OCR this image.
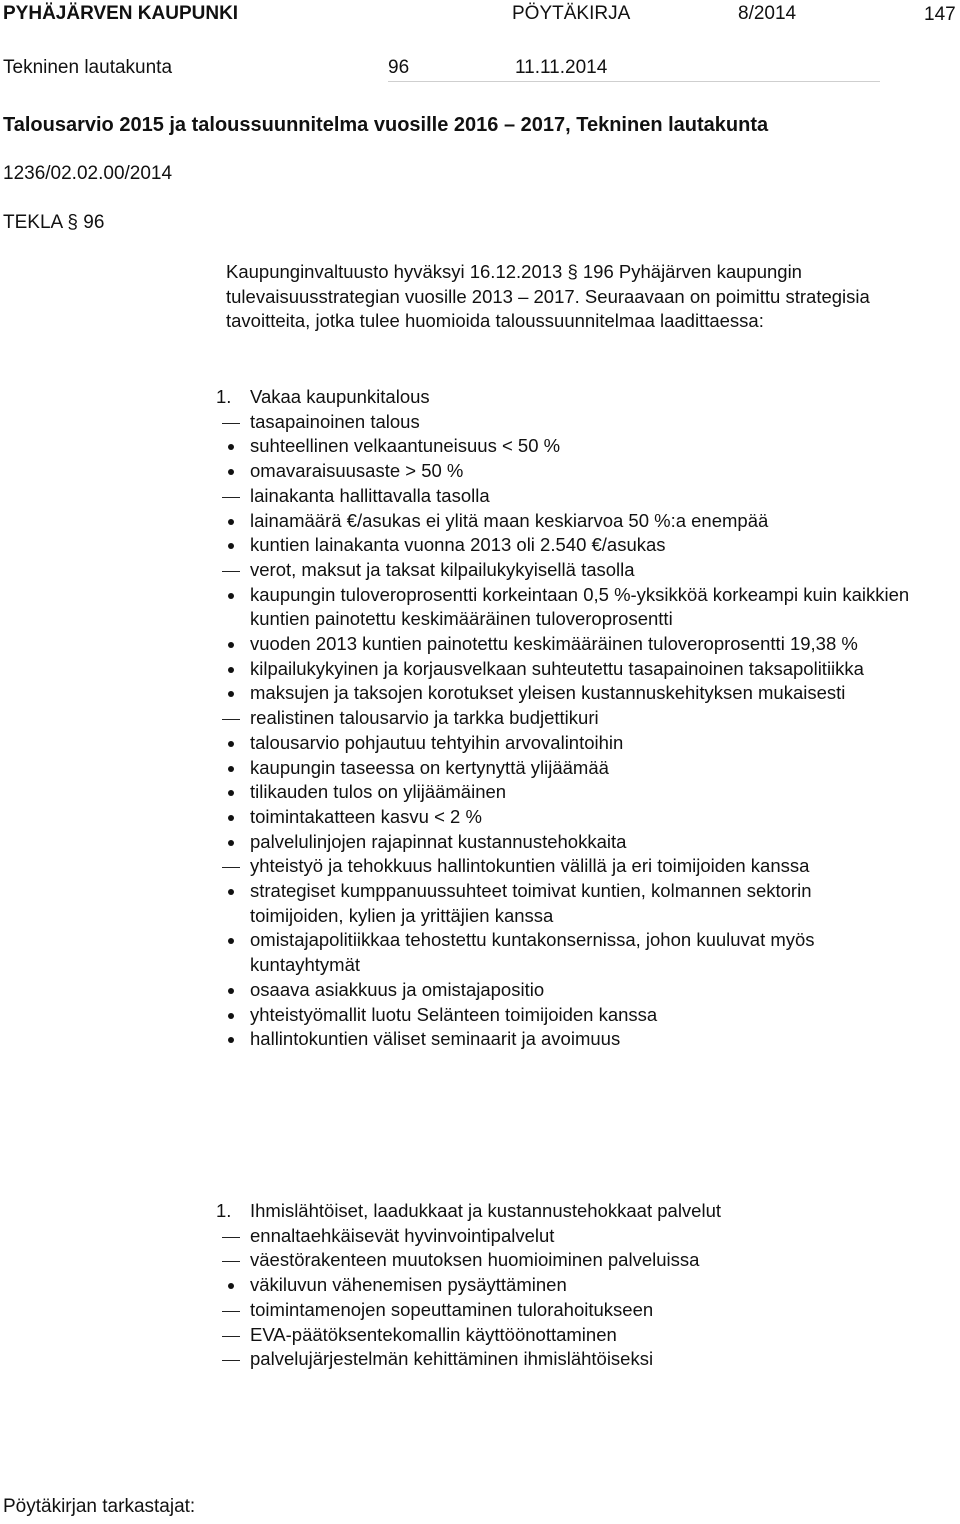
PYHÄJÄRVEN KAUPUNKI	PÖYTÄKIRJA	8/2014	147
Tekninen lautakunta	96	11.11.2014
Talousarvio 2015 ja taloussuunnitelma vuosille 2016 – 2017, Tekninen lautakunta
1236/02.02.00/2014
TEKLA § 96
Kaupunginvaltuusto hyväksyi 16.12.2013 § 196 Pyhäjärven kaupungin tulevaisuusstrategian vuosille 2013 – 2017. Seuraavaan on poimittu strategisia tavoitteita, jotka tulee huomioida taloussuunnitelmaa laadittaessa:
1.	Vakaa kaupunkitalous
tasapainoinen talous
suhteellinen velkaantuneisuus < 50 %
omavaraisuusaste > 50 %
lainakanta hallittavalla tasolla
lainamäärä €/asukas ei ylitä maan keskiarvoa 50 %:a enempää
kuntien lainakanta vuonna 2013 oli 2.540 €/asukas
verot, maksut ja taksat kilpailukykyisellä tasolla
kaupungin tuloveroprosentti korkeintaan 0,5 %-yksikköä korkeampi kuin kaikkien kuntien painotettu keskimääräinen tuloveroprosentti
vuoden 2013 kuntien painotettu keskimääräinen tuloveroprosentti 19,38 %
kilpailukykyinen ja korjausvelkaan suhteutettu tasapainoinen taksapolitiikka
maksujen ja taksojen korotukset yleisen kustannuskehityksen mukaisesti
realistinen talousarvio ja tarkka budjettikuri
talousarvio pohjautuu tehtyihin arvovalintoihin
kaupungin taseessa on kertynyttä ylijäämää
tilikauden tulos on ylijäämäinen
toimintakatteen kasvu < 2 %
palvelulinjojen rajapinnat kustannustehokkaita
yhteistyö ja tehokkuus hallintokuntien välillä ja eri toimijoiden kanssa
strategiset kumppanuussuhteet toimivat kuntien, kolmannen sektorin toimijoiden, kylien ja yrittäjien kanssa
omistajapolitiikkaa tehostettu kuntakonsernissa, johon kuuluvat myös kuntayhtymät
osaava asiakkuus ja omistajapositio
yhteistyömallit luotu Selänteen toimijoiden kanssa
hallintokuntien väliset seminaarit ja avoimuus
1.	Ihmislähtöiset, laadukkaat ja kustannustehokkaat palvelut
ennaltaehkäisevät hyvinvointipalvelut
väestörakenteen muutoksen huomioiminen palveluissa
väkiluvun vähenemisen pysäyttäminen
toimintamenojen sopeuttaminen tulorahoitukseen
EVA-päätöksentekomallin käyttöönottaminen
palvelujärjestelmän kehittäminen ihmislähtöiseksi
Pöytäkirjan tarkastajat:
